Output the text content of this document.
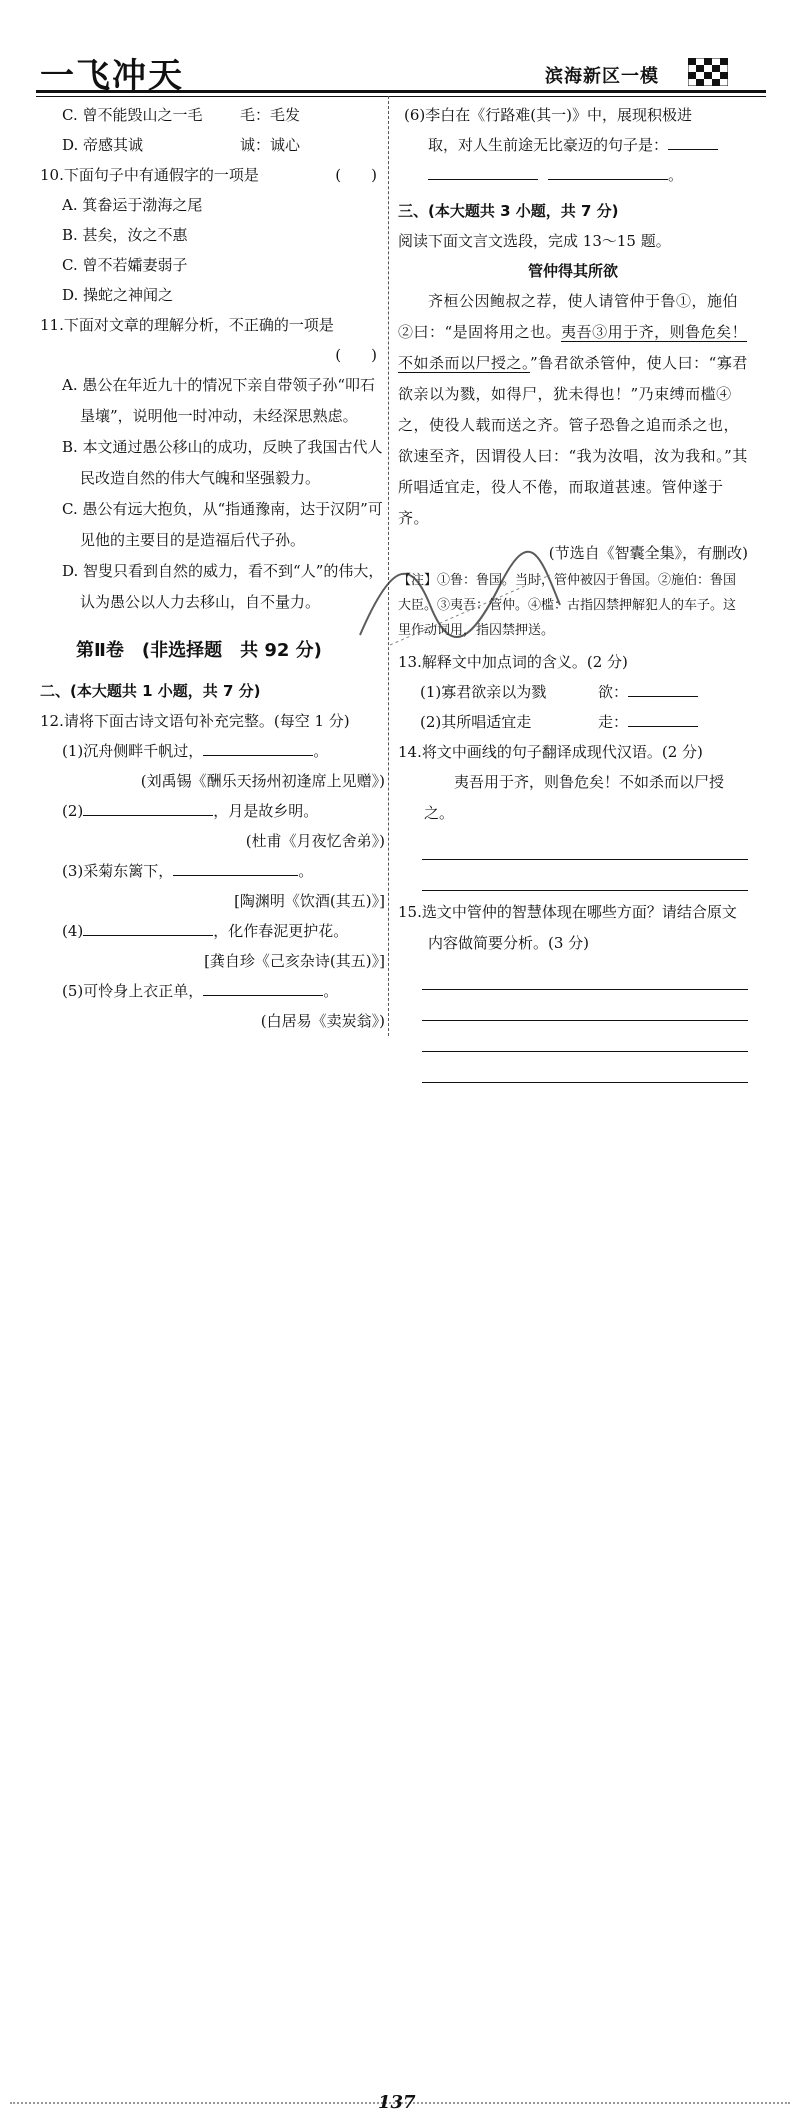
一飞冲天	滨海新区一模
C. 曾不能毁山之一毛	毛：毛发
D. 帝感其诚	诚：诚心
10.下面句子中有通假字的一项是	(　　)
A. 箕畚运于渤海之尾
B. 甚矣，汝之不惠
C. 曾不若孀妻弱子
D. 操蛇之神闻之
11.下面对文章的理解分析，不正确的一项是
(　　)
A. 愚公在年近九十的情况下亲自带领子孙“叩石垦壤”，说明他一时冲动，未经深思熟虑。
B. 本文通过愚公移山的成功，反映了我国古代人民改造自然的伟大气魄和坚强毅力。
C. 愚公有远大抱负，从“指通豫南，达于汉阴”可见他的主要目的是造福后代子孙。
D. 智叟只看到自然的威力，看不到“人”的伟大，认为愚公以人力去移山，自不量力。
第Ⅱ卷　(非选择题　共 92 分)
二、(本大题共 1 小题，共 7 分)
12.请将下面古诗文语句补充完整。(每空 1 分)
(1)沉舟侧畔千帆过，	。
(刘禹锡《酬乐天扬州初逢席上见赠》)
(2)	，月是故乡明。
(杜甫《月夜忆舍弟》)
(3)采菊东篱下，	。
[陶渊明《饮酒(其五)》]
(4)	，化作春泥更护花。
[龚自珍《己亥杂诗(其五)》]
(5)可怜身上衣正单，	。
(白居易《卖炭翁》)
(6)李白在《行路难(其一)》中，展现积极进
取，对人生前途无比豪迈的句子是：
。
三、(本大题共 3 小题，共 7 分)
阅读下面文言文选段，完成 13～15 题。
管仲得其所欲
齐桓公因鲍叔之荐，使人请管仲于鲁①，施伯②曰：“是固将用之也。夷吾③用于齐，则鲁危矣！不如杀而以尸授之。”鲁君欲杀管仲，使人曰：“寡君欲亲以为戮，如得尸，犹未得也！”乃束缚而槛④之，使役人载而送之齐。管子恐鲁之追而杀之也，欲速至齐，因谓役人曰：“我为汝唱，汝为我和。”其所唱适宜走，役人不倦，而取道甚速。管仲遂于齐。
(节选自《智囊全集》，有删改)
【注】①鲁：鲁国。当时，管仲被囚于鲁国。②施伯：鲁国大臣。③夷吾：管仲。④槛：古指囚禁押解犯人的车子。这里作动词用，指囚禁押送。
13.解释文中加点词的含义。(2 分)
(1)寡君欲亲以为戮	欲：
(2)其所唱适宜走	走：
14.将文中画线的句子翻译成现代汉语。(2 分)
夷吾用于齐，则鲁危矣！不如杀而以尸授之。
15.选文中管仲的智慧体现在哪些方面？请结合原文内容做简要分析。(3 分)
137
